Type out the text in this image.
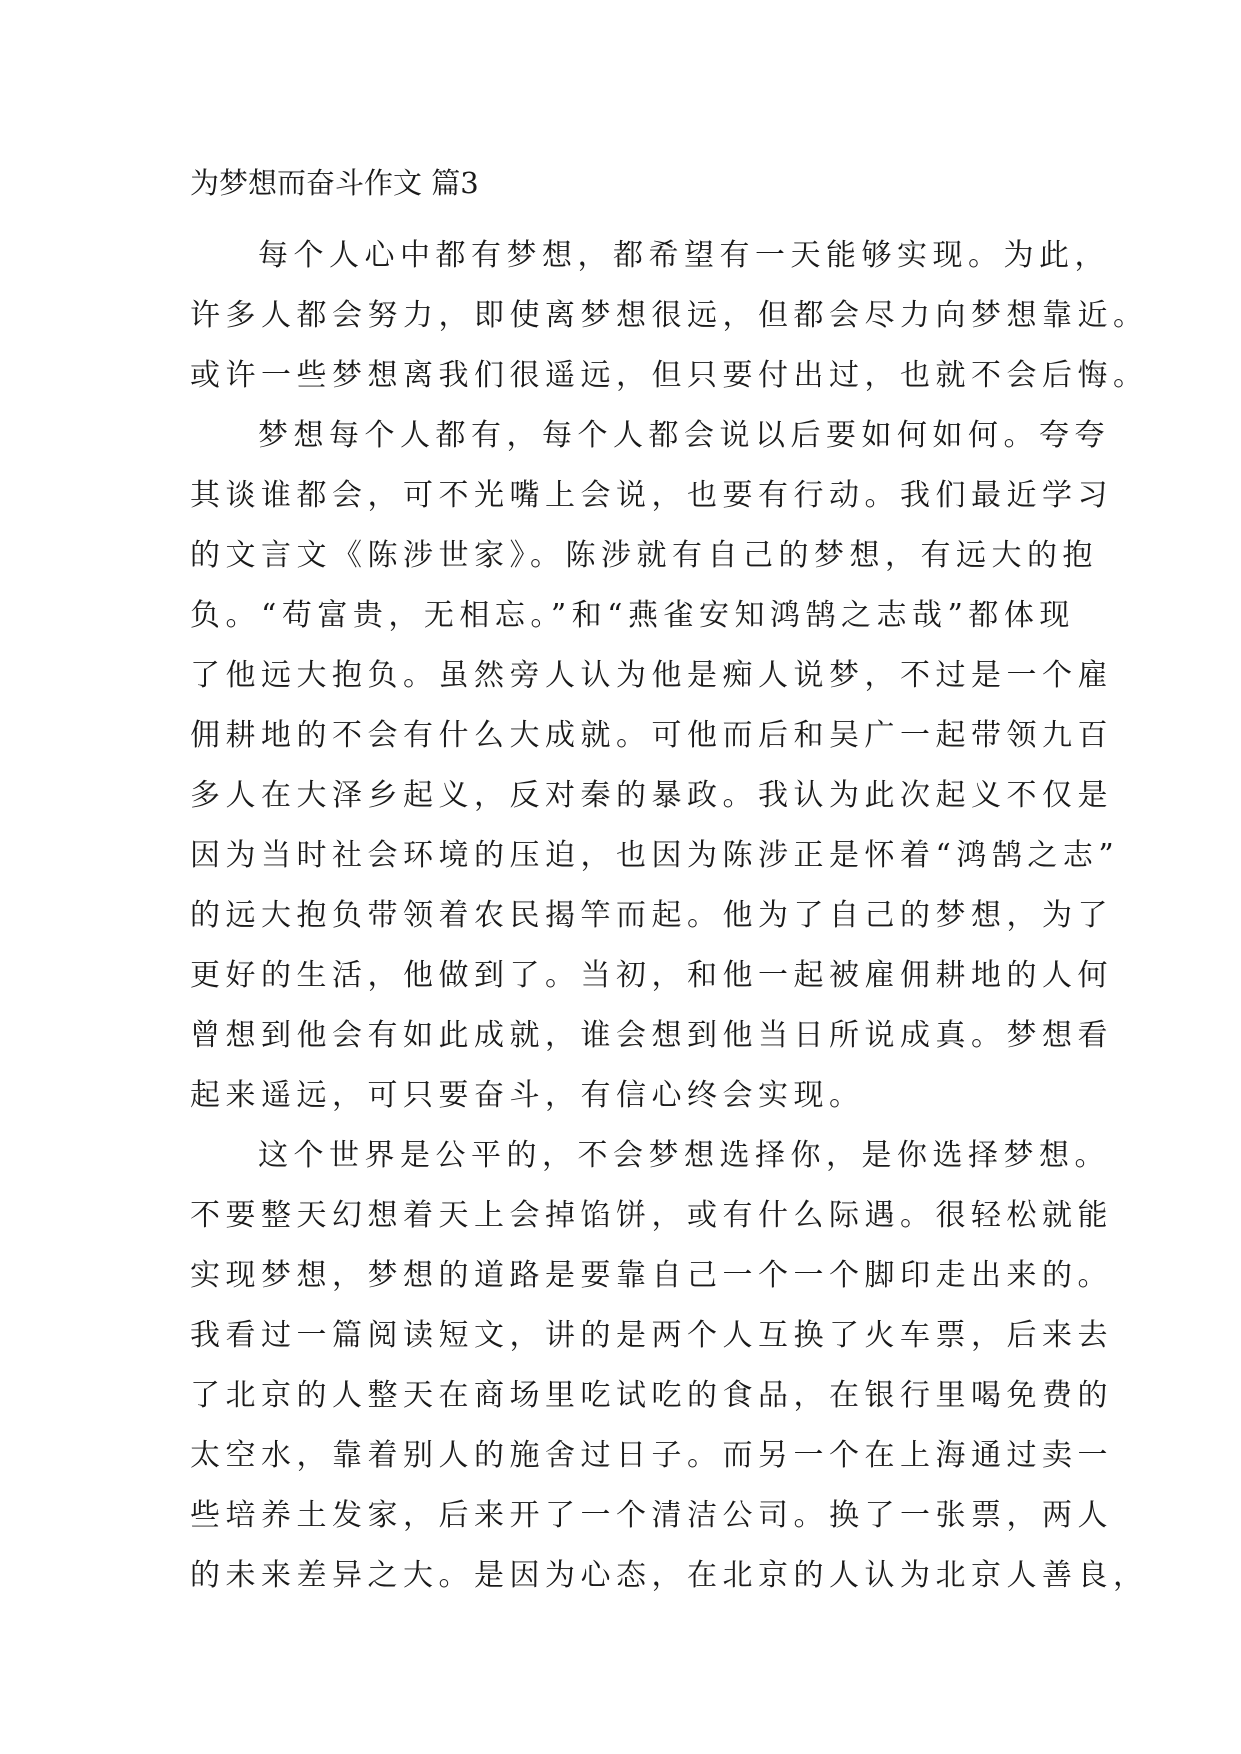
为梦想而奋斗作文 篇3
每个人心中都有梦想，都希望有一天能够实现。为此，
许多人都会努力，即使离梦想很远，但都会尽力向梦想靠近。
或许一些梦想离我们很遥远，但只要付出过，也就不会后悔。
梦想每个人都有，每个人都会说以后要如何如何。夸夸
其谈谁都会，可不光嘴上会说，也要有行动。我们最近学习
的文言文《陈涉世家》。陈涉就有自己的梦想，有远大的抱
负。“苟富贵，无相忘。”和“燕雀安知鸿鹄之志哉”都体现
了他远大抱负。虽然旁人认为他是痴人说梦，不过是一个雇
佣耕地的不会有什么大成就。可他而后和吴广一起带领九百
多人在大泽乡起义，反对秦的暴政。我认为此次起义不仅是
因为当时社会环境的压迫，也因为陈涉正是怀着“鸿鹄之志”
的远大抱负带领着农民揭竿而起。他为了自己的梦想，为了
更好的生活，他做到了。当初，和他一起被雇佣耕地的人何
曾想到他会有如此成就，谁会想到他当日所说成真。梦想看
起来遥远，可只要奋斗，有信心终会实现。
这个世界是公平的，不会梦想选择你，是你选择梦想。
不要整天幻想着天上会掉馅饼，或有什么际遇。很轻松就能
实现梦想，梦想的道路是要靠自己一个一个脚印走出来的。
我看过一篇阅读短文，讲的是两个人互换了火车票，后来去
了北京的人整天在商场里吃试吃的食品，在银行里喝免费的
太空水，靠着别人的施舍过日子。而另一个在上海通过卖一
些培养土发家，后来开了一个清洁公司。换了一张票，两人
的未来差异之大。是因为心态，在北京的人认为北京人善良，
